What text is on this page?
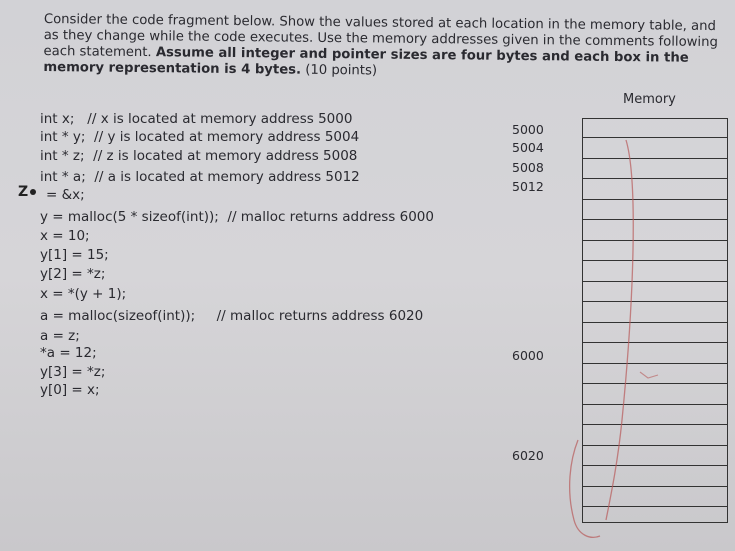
Consider the code fragment below. Show the values stored at each location in the memory table, and as they change while the code executes. Use the memory addresses given in the comments following each statement. Assume all integer and pointer sizes are four bytes and each box in the memory representation is 4 bytes. (10 points)
Memory
int x;   // x is located at memory address 5000
int * y;  // y is located at memory address 5004
int * z;  // z is located at memory address 5008
int * a;  // a is located at memory address 5012
Z = &x;
y = malloc(5 * sizeof(int));  // malloc returns address 6000
x = 10;
y[1] = 15;
y[2] = *z;
x = *(y + 1);
a = malloc(sizeof(int));     // malloc returns address 6020
a = z;
*a = 12;
y[3] = *z;
y[0] = x;
5000
5004
5008
5012
6000
6020
